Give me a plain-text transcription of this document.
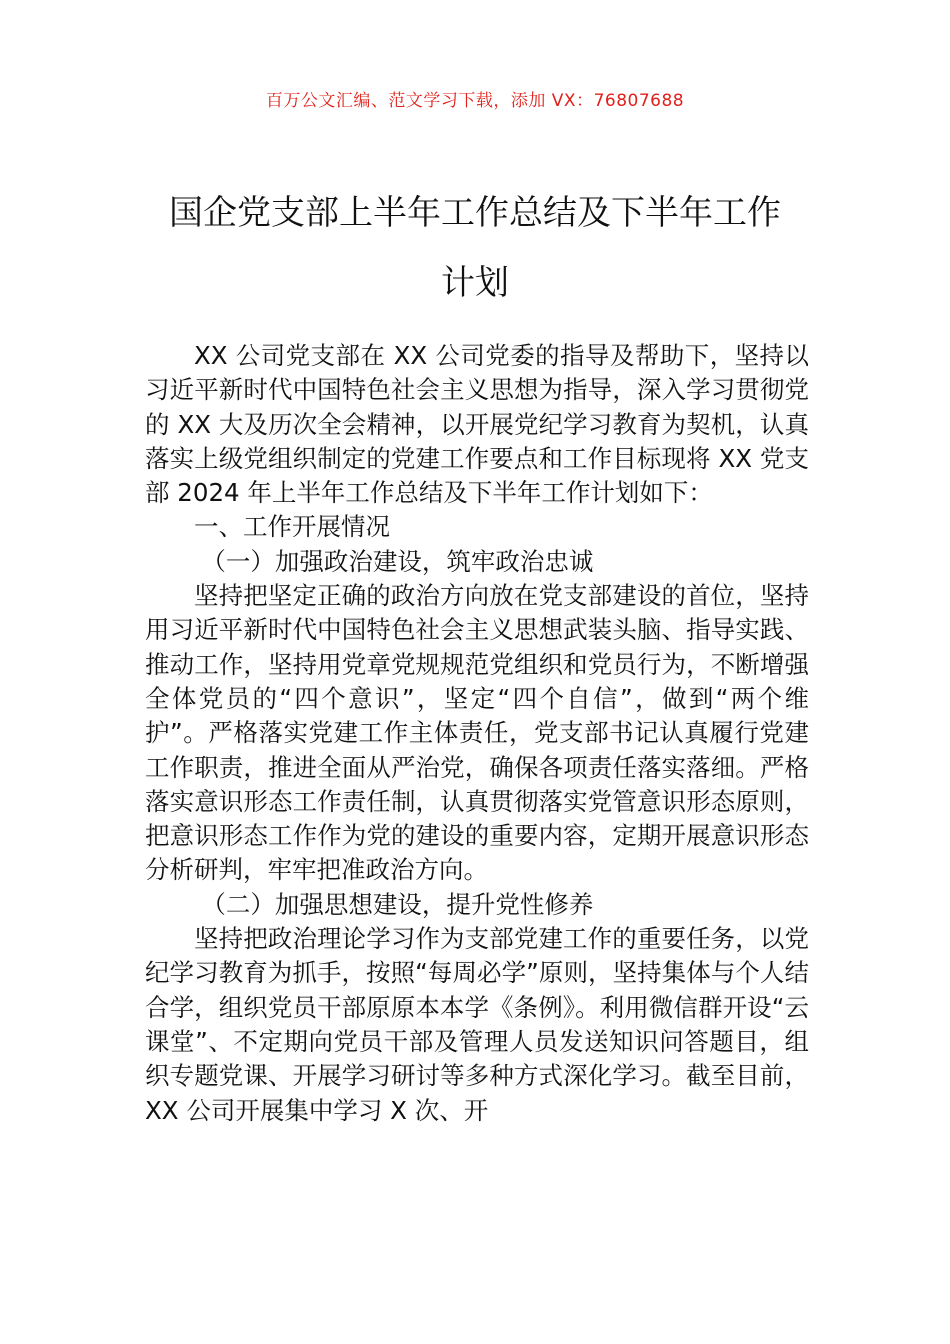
百万公文汇编、范文学习下载，添加 VX：76807688
国企党支部上半年工作总结及下半年工作
计划

XX 公司党支部在 XX 公司党委的指导及帮助下，坚持以习近平新时代中国特色社会主义思想为指导，深入学习贯彻党的 XX 大及历次全会精神，以开展党纪学习教育为契机，认真落实上级党组织制定的党建工作要点和工作目标现将 XX 党支部 2024 年上半年工作总结及下半年工作计划如下：

一、工作开展情况

（一）加强政治建设，筑牢政治忠诚

坚持把坚定正确的政治方向放在党支部建设的首位，坚持用习近平新时代中国特色社会主义思想武装头脑、指导实践、推动工作，坚持用党章党规规范党组织和党员行为，不断增强全体党员的“四个意识”，坚定“四个自信”，做到“两个维护”。严格落实党建工作主体责任，党支部书记认真履行党建工作职责，推进全面从严治党，确保各项责任落实落细。严格落实意识形态工作责任制，认真贯彻落实党管意识形态原则，把意识形态工作作为党的建设的重要内容，定期开展意识形态分析研判，牢牢把准政治方向。

（二）加强思想建设，提升党性修养

坚持把政治理论学习作为支部党建工作的重要任务，以党纪学习教育为抓手，按照“每周必学”原则，坚持集体与个人结合学，组织党员干部原原本本学《条例》。利用微信群开设“云课堂”、不定期向党员干部及管理人员发送知识问答题目，组织专题党课、开展学习研讨等多种方式深化学习。截至目前，XX 公司开展集中学习 X 次、开
